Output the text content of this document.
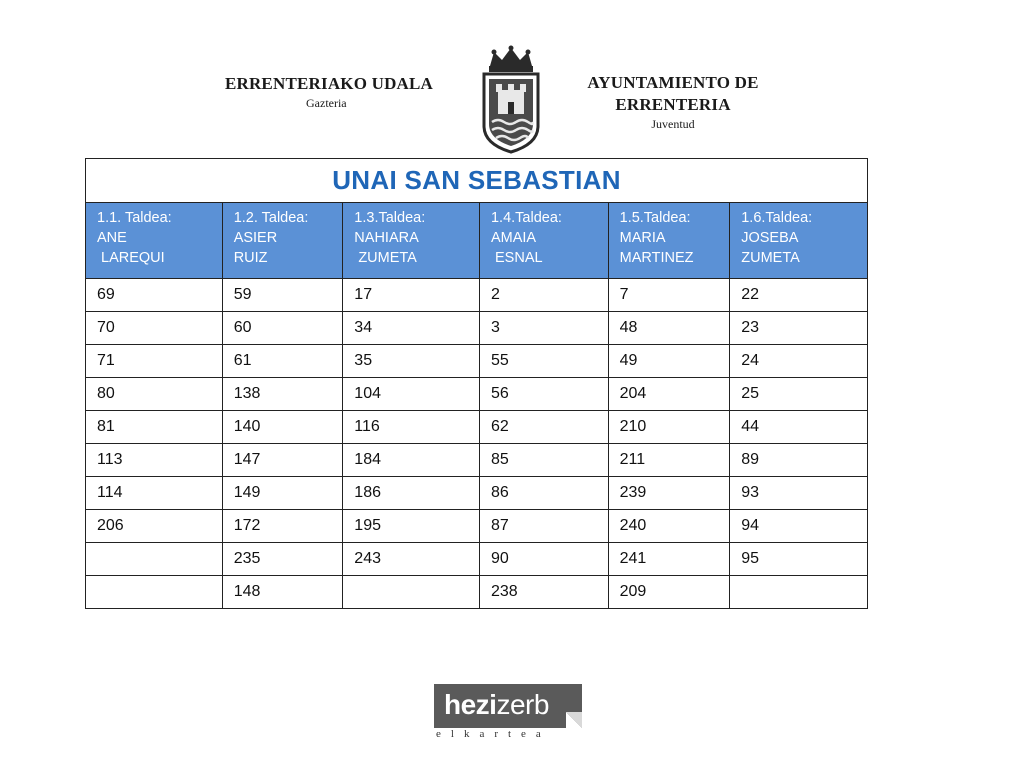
ERRENTERIAKO UDALA
Gazteria
AYUNTAMIENTO DE
ERRENTERIA
Juventud
UNAI SAN SEBASTIAN					
1.1. Taldea:
ANE
LAREQUI	1.2. Taldea:
ASIER
RUIZ	1.3.Taldea:
NAHIARA
ZUMETA	1.4.Taldea:
AMAIA
ESNAL	1.5.Taldea:
MARIA
MARTINEZ	1.6.Taldea:
JOSEBA
ZUMETA
69	59	17	2	7	22
70	60	34	3	48	23
71	61	35	55	49	24
80	138	104	56	204	25
81	140	116	62	210	44
113	147	184	85	211	89
114	149	186	86	239	93
206	172	195	87	240	94
	235	243	90	241	95
	148		238	209	
hezizerb
elkartea
